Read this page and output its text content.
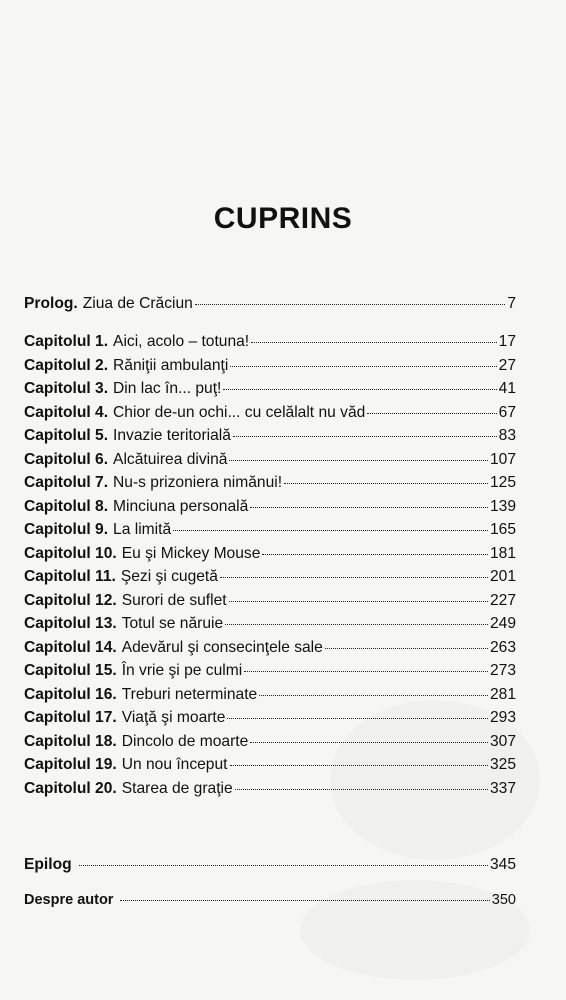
CUPRINS
Prolog. Ziua de Crăciun	7
Capitolul 1. Aici, acolo – totuna!	17
Capitolul 2. Răniţii ambulanţi	27
Capitolul 3. Din lac în... puţ!	41
Capitolul 4. Chior de-un ochi... cu celălalt nu văd	67
Capitolul 5. Invazie teritorială	83
Capitolul 6. Alcătuirea divină	107
Capitolul 7. Nu-s prizoniera nimănui!	125
Capitolul 8. Minciuna personală	139
Capitolul 9. La limită	165
Capitolul 10. Eu şi Mickey Mouse	181
Capitolul 11. Şezi şi cugetă	201
Capitolul 12. Surori de suflet	227
Capitolul 13. Totul se năruie	249
Capitolul 14. Adevărul şi consecinţele sale	263
Capitolul 15. În vrie şi pe culmi	273
Capitolul 16. Treburi neterminate	281
Capitolul 17. Viaţă şi moarte	293
Capitolul 18. Dincolo de moarte	307
Capitolul 19. Un nou început	325
Capitolul 20. Starea de graţie	337
Epilog	345
Despre autor	350
